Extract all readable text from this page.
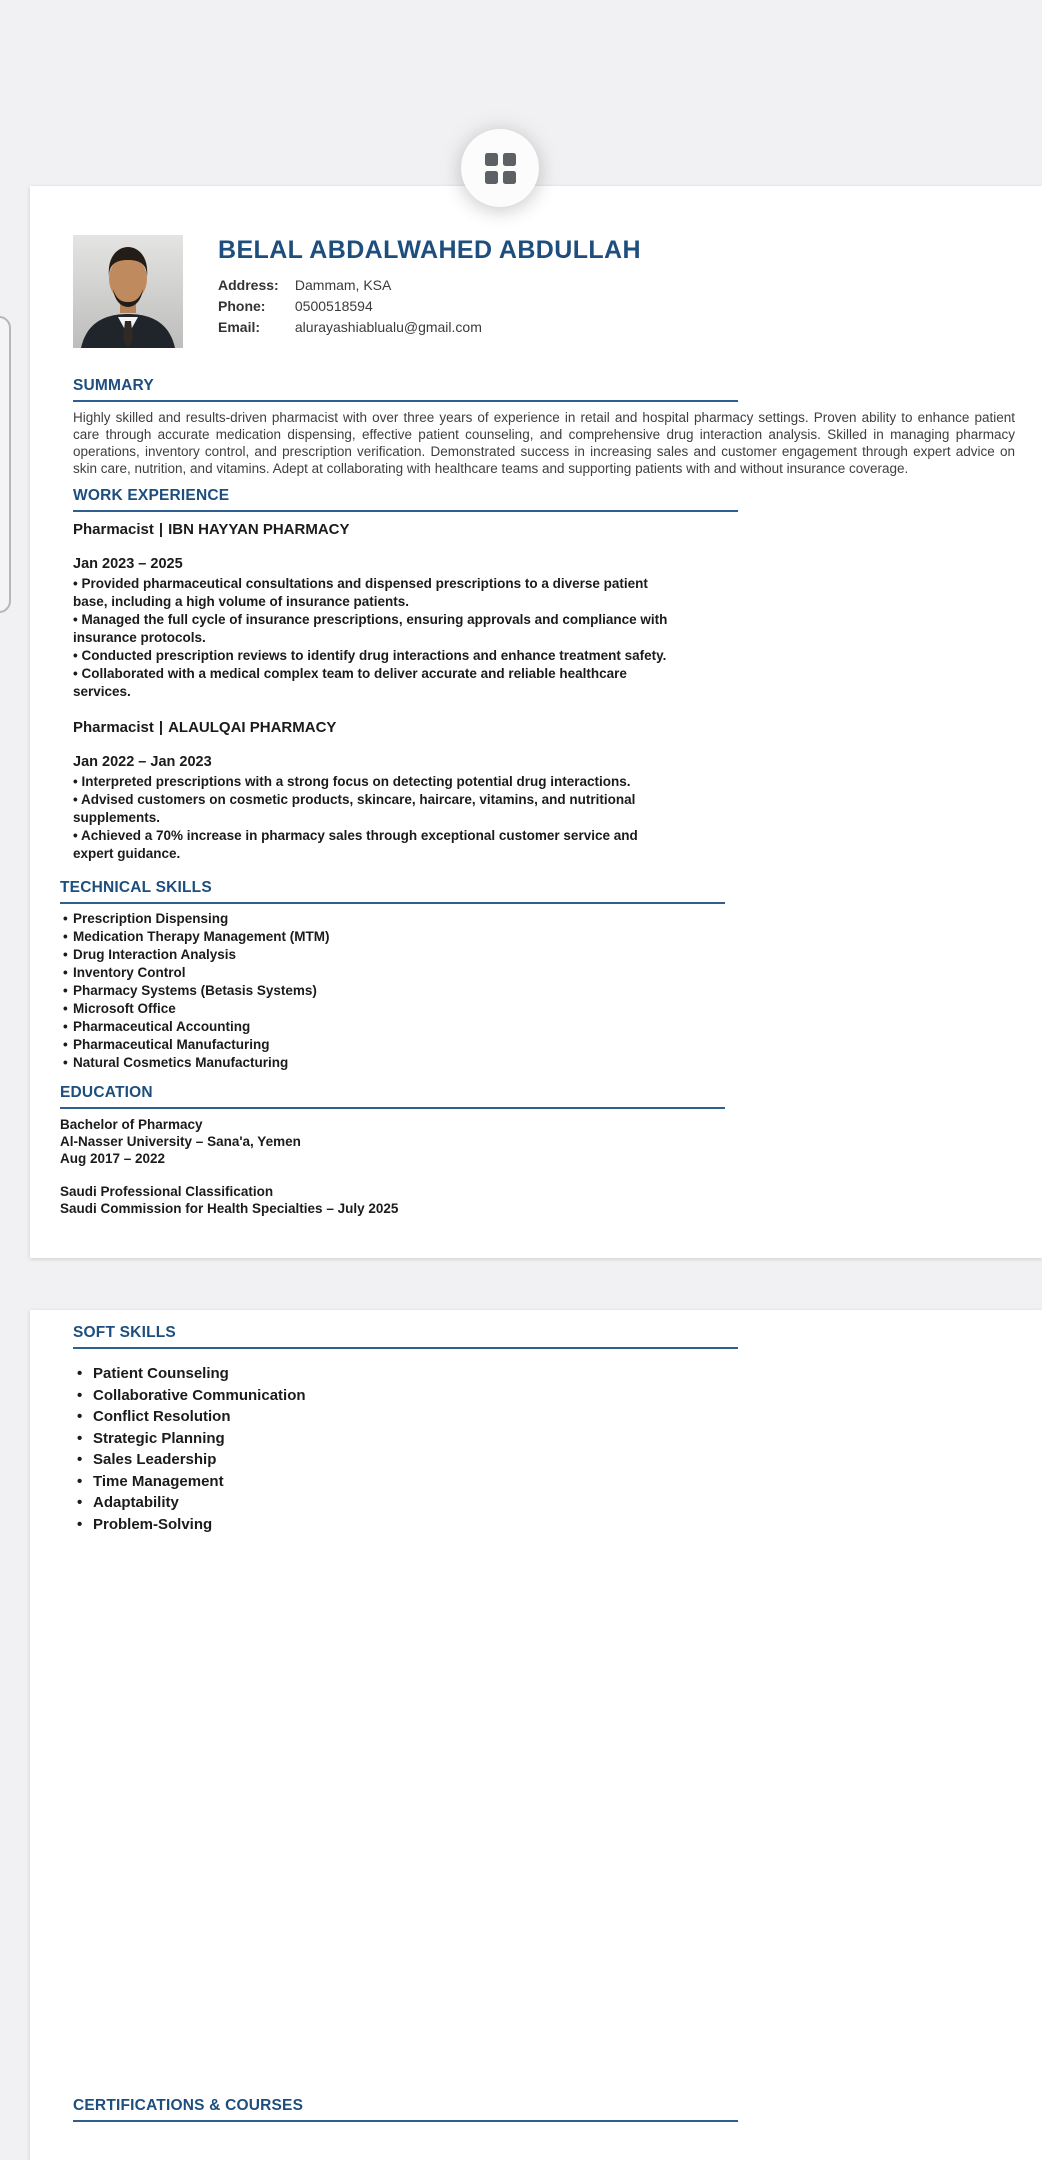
BELAL ABDALWAHED ABDULLAH
Address: Dammam, KSA
Phone: 0500518594
Email: alurayashiablualu@gmail.com
SUMMARY

Highly skilled and results-driven pharmacist with over three years of experience in retail and hospital pharmacy settings. Proven ability to enhance patient care through accurate medication dispensing, effective patient counseling, and comprehensive drug interaction analysis. Skilled in managing pharmacy operations, inventory control, and prescription verification. Demonstrated success in increasing sales and customer engagement through expert advice on skin care, nutrition, and vitamins. Adept at collaborating with healthcare teams and supporting patients with and without insurance coverage.

WORK EXPERIENCE
Pharmacist | IBN HAYYAN PHARMACY
Jan 2023 – 2025
• Provided pharmaceutical consultations and dispensed prescriptions to a diverse patient base, including a high volume of insurance patients.
• Managed the full cycle of insurance prescriptions, ensuring approvals and compliance with insurance protocols.
• Conducted prescription reviews to identify drug interactions and enhance treatment safety.
• Collaborated with a medical complex team to deliver accurate and reliable healthcare services.
Pharmacist | ALAULQAI PHARMACY
Jan 2022 – Jan 2023
• Interpreted prescriptions with a strong focus on detecting potential drug interactions.
• Advised customers on cosmetic products, skincare, haircare, vitamins, and nutritional supplements.
• Achieved a 70% increase in pharmacy sales through exceptional customer service and expert guidance.
TECHNICAL SKILLS
• Prescription Dispensing
• Medication Therapy Management (MTM)
• Drug Interaction Analysis
• Inventory Control
• Pharmacy Systems (Betasis Systems)
• Microsoft Office
• Pharmaceutical Accounting
• Pharmaceutical Manufacturing
• Natural Cosmetics Manufacturing
EDUCATION
Bachelor of Pharmacy
Al-Nasser University – Sana'a, Yemen
Aug 2017 – 2022
Saudi Professional Classification
Saudi Commission for Health Specialties – July 2025
SOFT SKILLS
• Patient Counseling
• Collaborative Communication
• Conflict Resolution
• Strategic Planning
• Sales Leadership
• Time Management
• Adaptability
• Problem-Solving
CERTIFICATIONS & COURSES
